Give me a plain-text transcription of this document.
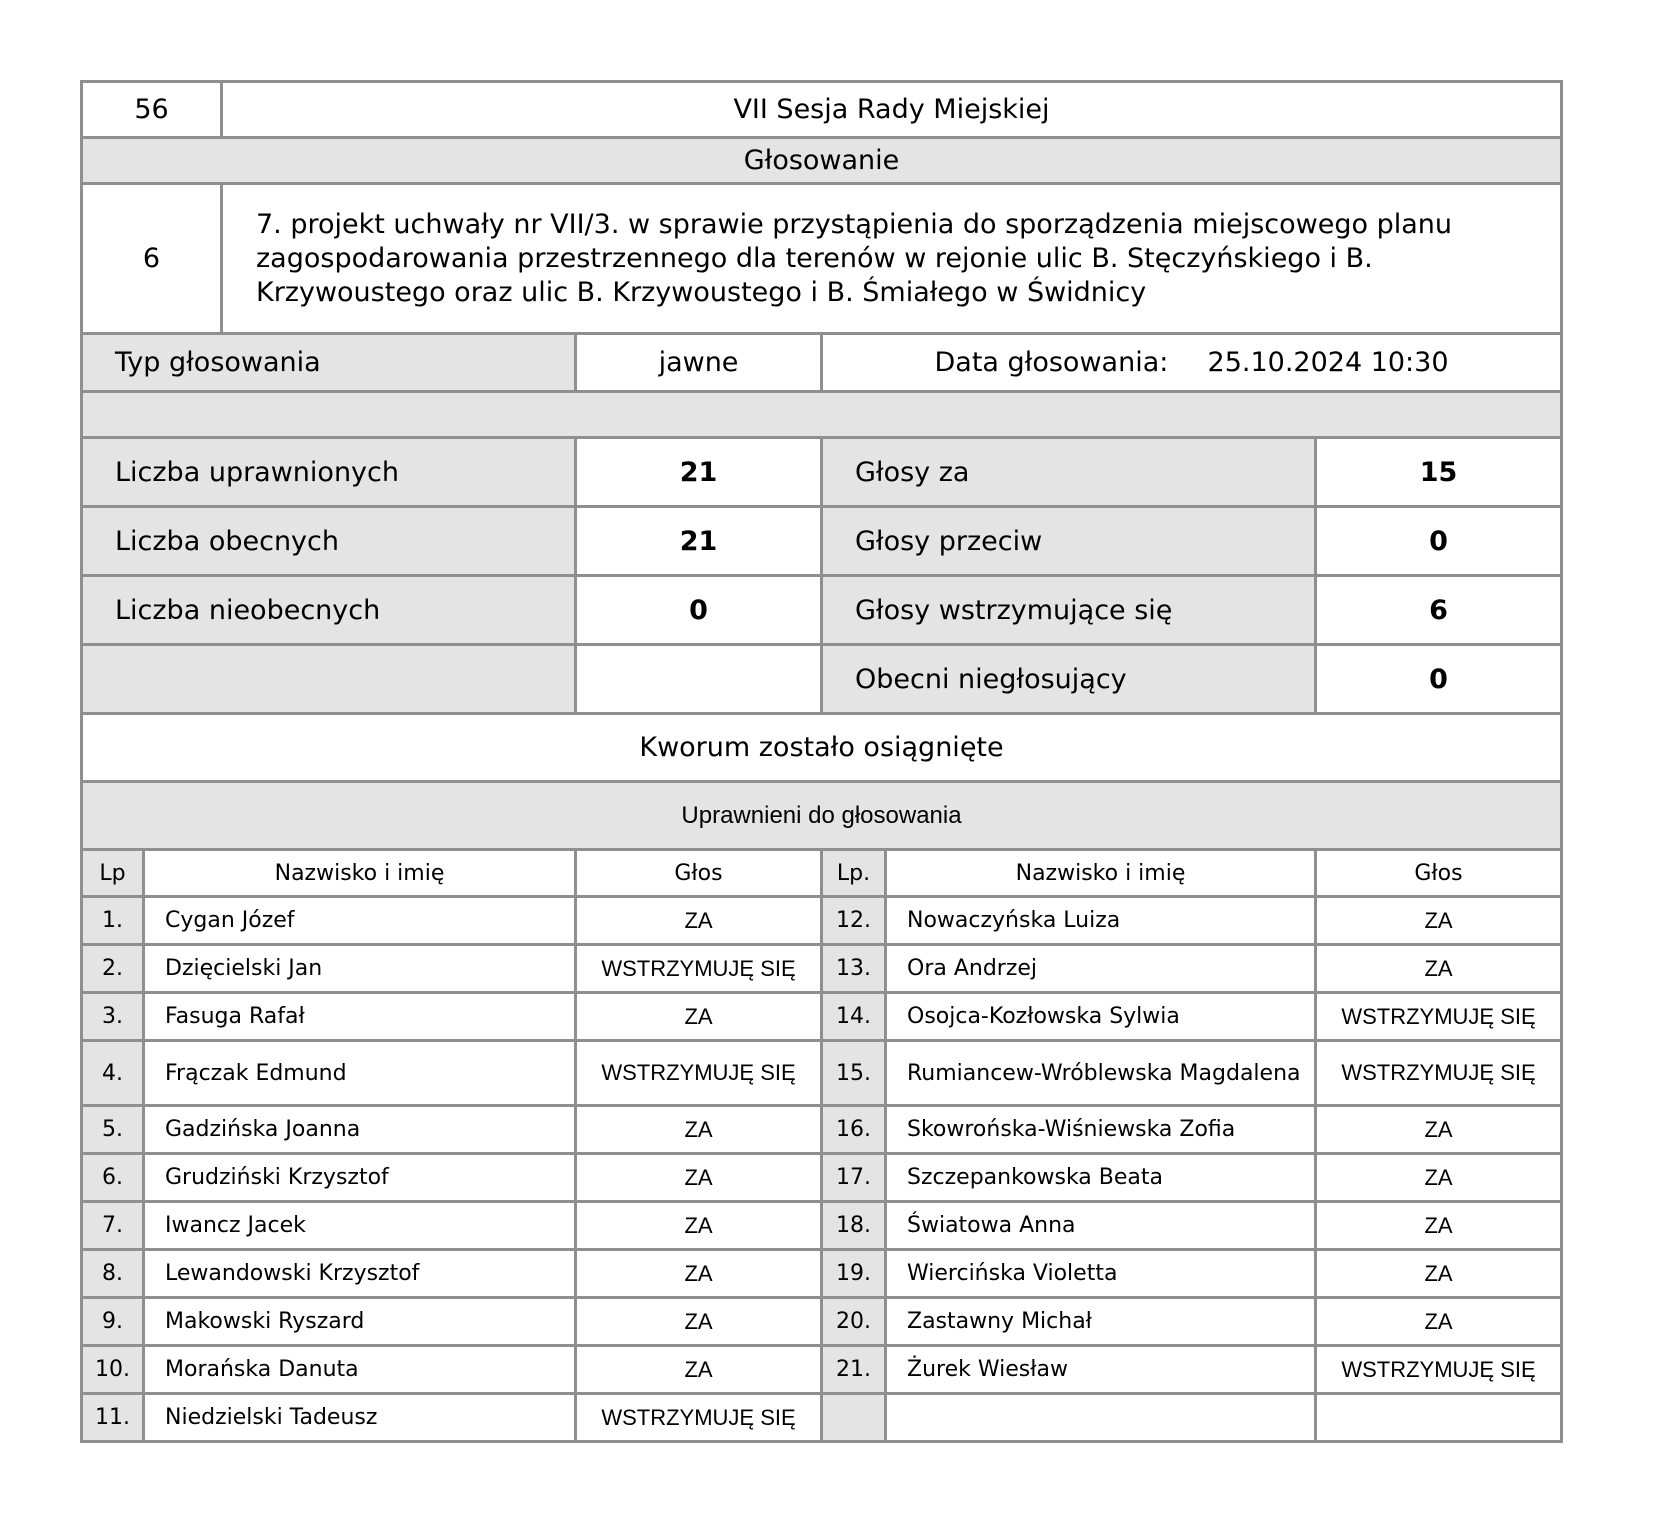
56	VII Sesja Rady Miejskiej
Głosowanie	
6	7. projekt uchwały nr VII/3. w sprawie przystąpienia do sporządzenia miejscowego planu zagospodarowania przestrzennego dla terenów w rejonie ulic B. Stęczyńskiego i B. Krzywoustego oraz ulic B. Krzywoustego i B. Śmiałego w Świdnicy
Typ głosowania	jawne	Data głosowania: 25.10.2024 10:30	

Liczba uprawnionych	21	Głosy za	15
Liczba obecnych	21	Głosy przeciw	0
Liczba nieobecnych	0	Głosy wstrzymujące się	6
		Obecni niegłosujący	0
Kworum zostało osiągnięte			
Uprawnieni do głosowania			
Lp	Nazwisko i imię	Głos	Lp.	Nazwisko i imię	Głos
1.	Cygan Józef	ZA	12.	Nowaczyńska Luiza	ZA
2.	Dzięcielski Jan	WSTRZYMUJĘ SIĘ	13.	Ora Andrzej	ZA
3.	Fasuga Rafał	ZA	14.	Osojca-Kozłowska Sylwia	WSTRZYMUJĘ SIĘ
4.	Frączak Edmund	WSTRZYMUJĘ SIĘ	15.	Rumiancew-Wróblewska Magdalena	WSTRZYMUJĘ SIĘ
5.	Gadzińska Joanna	ZA	16.	Skowrońska-Wiśniewska Zofia	ZA
6.	Grudziński Krzysztof	ZA	17.	Szczepankowska Beata	ZA
7.	Iwancz Jacek	ZA	18.	Światowa Anna	ZA
8.	Lewandowski Krzysztof	ZA	19.	Wiercińska Violetta	ZA
9.	Makowski Ryszard	ZA	20.	Zastawny Michał	ZA
10.	Morańska Danuta	ZA	21.	Żurek Wiesław	WSTRZYMUJĘ SIĘ
11.	Niedzielski Tadeusz	WSTRZYMUJĘ SIĘ			
